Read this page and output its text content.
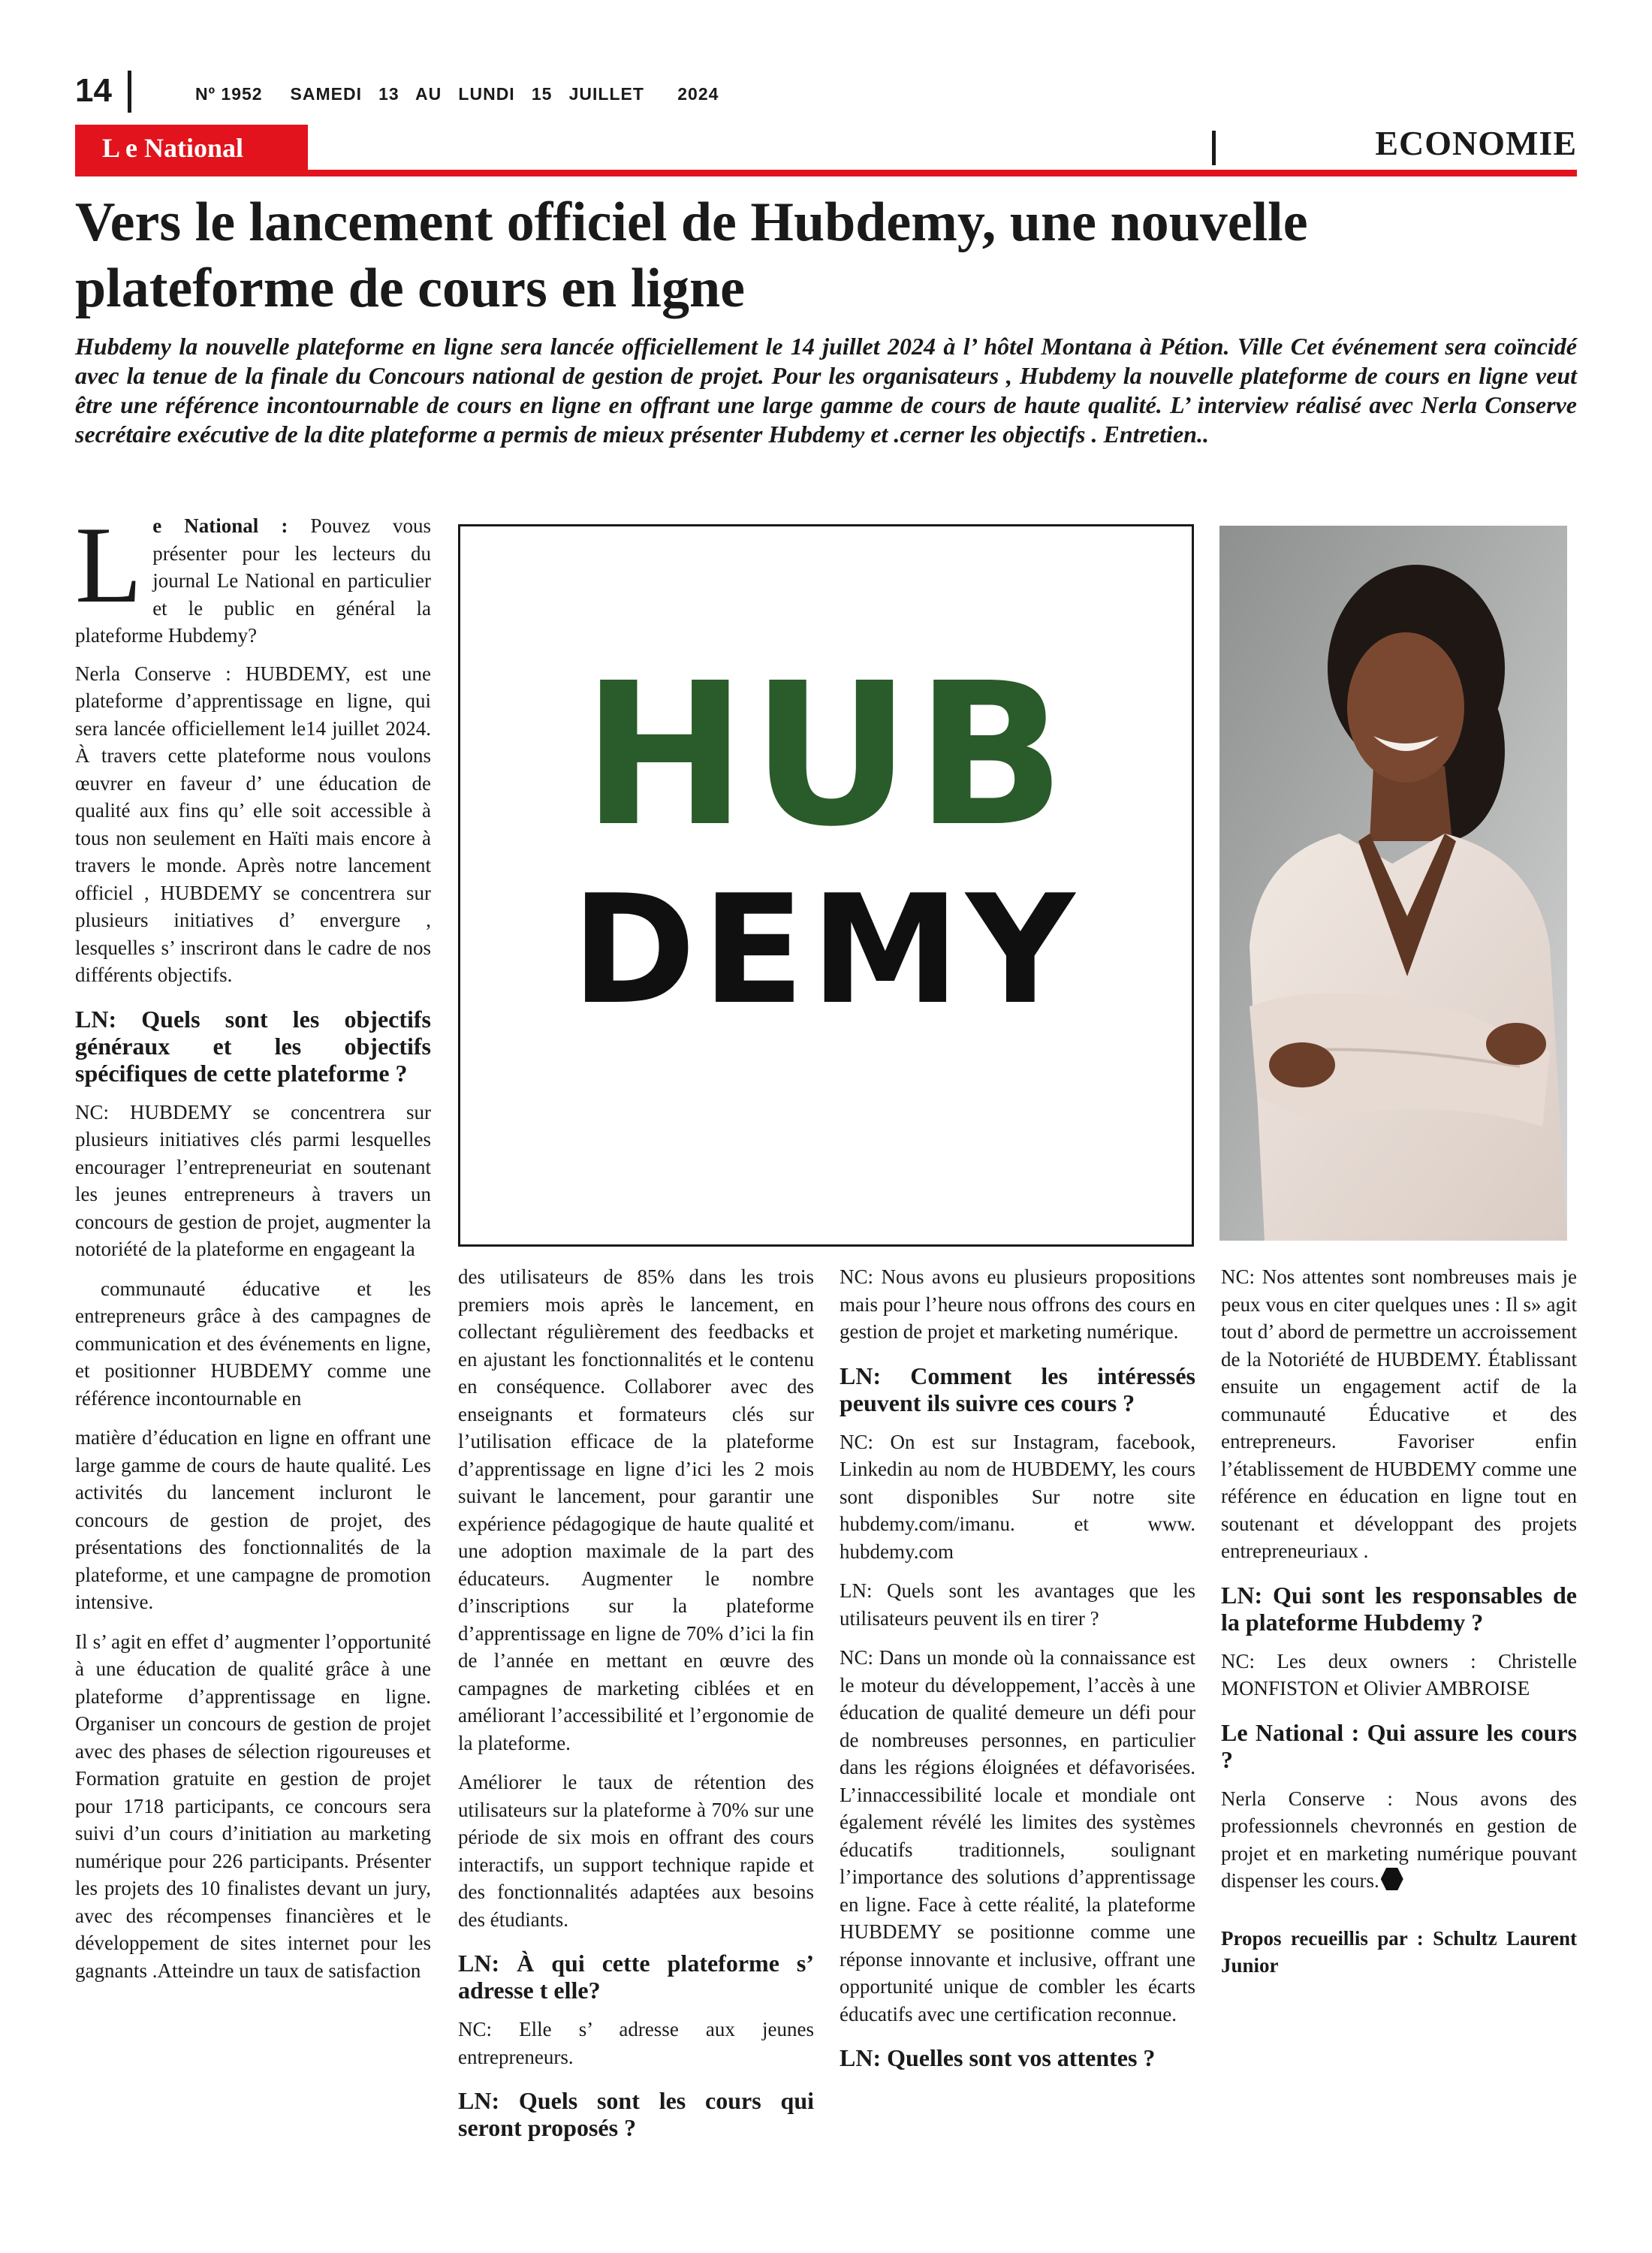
14	Nº 1952     SAMEDI   13   AU   LUNDI   15   JUILLET      2024
L e National	ECONOMIE
Vers le lancement officiel de Hubdemy, une nouvelle plateforme de cours en ligne

Hubdemy la nouvelle plateforme en ligne sera lancée officiellement le 14 juillet 2024 à l’ hôtel Montana à Pétion. Ville Cet événement sera coïncidé avec la tenue de la finale du Concours national de gestion de projet. Pour les organisateurs , Hubdemy la nouvelle plateforme de cours en ligne veut être une référence incontournable de cours en ligne en offrant une large gamme de cours de haute qualité. L’ interview réalisé avec Nerla Conserve secrétaire exécutive de la dite plateforme a permis de mieux présenter Hubdemy et .cerner les objectifs . Entretien..

Le National : Pouvez vous présenter pour les lecteurs du journal Le National en particulier et le public en général la plateforme Hubdemy?

Nerla Conserve : HUBDEMY, est une plateforme d’apprentissage en ligne, qui sera lancée officiellement le14 juillet 2024. À travers cette plateforme nous voulons œuvrer en faveur d’ une éducation de qualité aux fins qu’ elle soit accessible à tous non seulement en Haïti mais encore à travers le monde. Après notre lancement officiel , HUBDEMY se concentrera sur plusieurs initiatives d’ envergure , lesquelles s’ inscriront dans le cadre de nos différents objectifs.

LN: Quels sont les objectifs généraux et les objectifs spécifiques de cette plateforme ?

NC: HUBDEMY se concentrera sur plusieurs initiatives clés parmi lesquelles encourager l’entrepreneuriat en soutenant les jeunes entrepreneurs à travers un concours de gestion de projet, augmenter la notoriété de la plateforme en engageant la

communauté éducative et les entrepreneurs grâce à des campagnes de communication et des événements en ligne, et positionner HUBDEMY comme une référence incontournable en

matière d’éducation en ligne en offrant une large gamme de cours de haute qualité. Les activités du lancement incluront le concours de gestion de projet, des présentations des fonctionnalités de la plateforme, et une campagne de promotion intensive.

Il s’ agit en effet d’ augmenter l’opportunité à une éducation de qualité grâce à une plateforme d’apprentissage en ligne. Organiser un concours de gestion de projet avec des phases de sélection rigoureuses et Formation gratuite en gestion de projet pour 1718 participants, ce concours sera suivi d’un cours d’initiation au marketing numérique pour 226 participants. Présenter les projets des 10 finalistes devant un jury, avec des récompenses financières et le développement de sites internet pour les gagnants .Atteindre un taux de satisfaction

HUB
DEMY

des utilisateurs de 85% dans les trois premiers mois après le lancement, en collectant régulièrement des feedbacks et en ajustant les fonctionnalités et le contenu en conséquence. Collaborer avec des enseignants et formateurs clés sur l’utilisation efficace de la plateforme d’apprentissage en ligne d’ici les 2 mois suivant le lancement, pour garantir une expérience pédagogique de haute qualité et une adoption maximale de la part des éducateurs. Augmenter le nombre d’inscriptions sur la plateforme d’apprentissage en ligne de 70% d’ici la fin de l’année en mettant en œuvre des campagnes de marketing ciblées et en améliorant l’accessibilité et l’ergonomie de la plateforme.

Améliorer le taux de rétention des utilisateurs sur la plateforme à 70% sur une période de six mois en offrant des cours interactifs, un support technique rapide et des fonctionnalités adaptées aux besoins des étudiants.

LN: À qui cette plateforme s’ adresse t elle?

NC: Elle s’ adresse aux jeunes entrepreneurs.

LN: Quels sont les cours qui seront proposés ?

NC: Nous avons eu plusieurs propositions mais pour l’heure nous offrons des cours en gestion de projet et marketing numérique.

LN: Comment les intéressés peuvent ils suivre ces cours ?

NC: On est sur Instagram, facebook, Linkedin au nom de HUBDEMY, les cours sont disponibles Sur notre site hubdemy.com/imanu. et www. hubdemy.com

LN: Quels sont les avantages que les utilisateurs peuvent ils en tirer ?

NC: Dans un monde où la connaissance est le moteur du développement, l’accès à une éducation de qualité demeure un défi pour de nombreuses personnes, en particulier dans les régions éloignées et défavorisées. L’innaccessibilité locale et mondiale ont également révélé les limites des systèmes éducatifs traditionnels, soulignant l’importance des solutions d’apprentissage en ligne. Face à cette réalité, la plateforme HUBDEMY se positionne comme une réponse innovante et inclusive, offrant une opportunité unique de combler les écarts éducatifs avec une certification reconnue.

LN: Quelles sont vos attentes ?

NC: Nos attentes sont nombreuses mais je peux vous en citer quelques unes : Il s» agit tout d’ abord de permettre un accroissement de la Notoriété de HUBDEMY. Établissant ensuite un engagement actif de la communauté Éducative et des entrepreneurs. Favoriser enfin l’établissement de HUBDEMY comme une référence en éducation en ligne tout en soutenant et développant des projets entrepreneuriaux .

LN: Qui sont les responsables de la plateforme Hubdemy ?

NC: Les deux owners : Christelle MONFISTON et Olivier AMBROISE

Le National : Qui assure les cours ?

Nerla Conserve : Nous avons des professionnels chevronnés en gestion de projet et en marketing numérique pouvant dispenser les cours.

Propos recueillis par : Schultz Laurent Junior
